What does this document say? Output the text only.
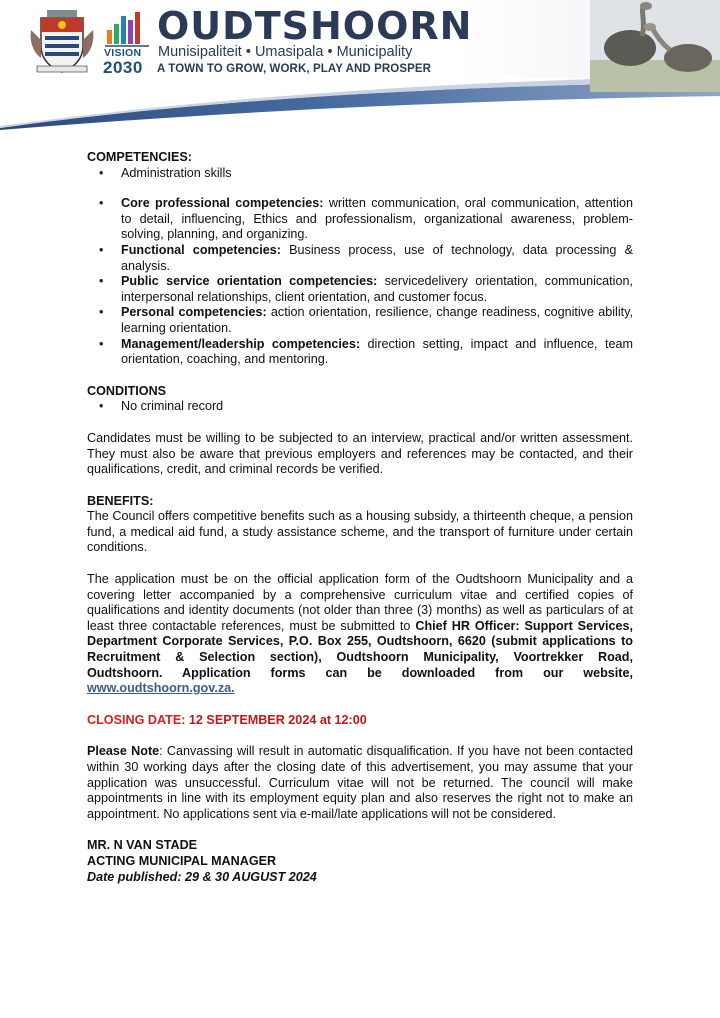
VISION
2030
OUDTSHOORN
Munisipaliteit • Umasipala • Municipality
A TOWN TO GROW, WORK, PLAY AND PROSPER

COMPETENCIES:

• Administration skills
• Core professional competencies: written communication, oral communication, attention to detail, influencing, Ethics and professionalism, organizational awareness, problem-solving, planning, and organizing.
• Functional competencies: Business process, use of technology, data processing & analysis.
• Public service orientation competencies: servicedelivery orientation, communication, interpersonal relationships, client orientation, and customer focus.
• Personal competencies: action orientation, resilience, change readiness, cognitive ability, learning orientation.
• Management/leadership competencies: direction setting, impact and influence, team orientation, coaching, and mentoring.

CONDITIONS

• No criminal record

Candidates must be willing to be subjected to an interview, practical and/or written assessment. They must also be aware that previous employers and references may be contacted, and their qualifications, credit, and criminal records be verified.

BENEFITS:

The Council offers competitive benefits such as a housing subsidy, a thirteenth cheque, a pension fund, a medical aid fund, a study assistance scheme, and the transport of furniture under certain conditions.

The application must be on the official application form of the Oudtshoorn Municipality and a covering letter accompanied by a comprehensive curriculum vitae and certified copies of qualifications and identity documents (not older than three (3) months) as well as particulars of at least three contactable references, must be submitted to Chief HR Officer: Support Services, Department Corporate Services, P.O. Box 255, Oudtshoorn, 6620 (submit applications to Recruitment & Selection section), Oudtshoorn Municipality, Voortrekker Road, Oudtshoorn. Application forms can be downloaded from our website, www.oudtshoorn.gov.za.

CLOSING DATE: 12 SEPTEMBER 2024 at 12:00

Please Note: Canvassing will result in automatic disqualification. If you have not been contacted within 30 working days after the closing date of this advertisement, you may assume that your application was unsuccessful. Curriculum vitae will not be returned. The council will make appointments in line with its employment equity plan and also reserves the right not to make an appointment. No applications sent via e-mail/late applications will not be considered.

MR. N VAN STADE

ACTING MUNICIPAL MANAGER

Date published: 29 & 30 AUGUST 2024
